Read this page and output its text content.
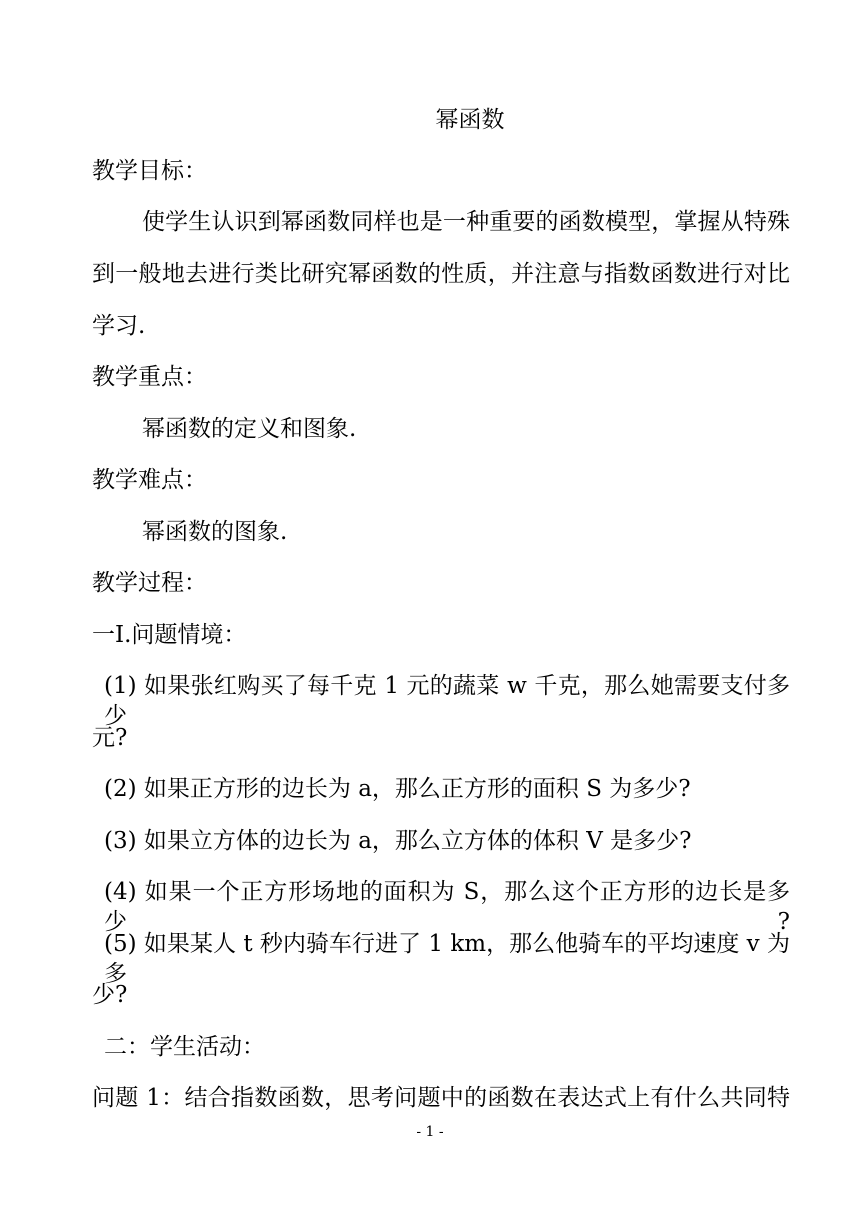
幂函数
教学目标：
使学生认识到幂函数同样也是一种重要的函数模型，掌握从特殊
到一般地去进行类比研究幂函数的性质，并注意与指数函数进行对比
学习.
教学重点：
幂函数的定义和图象.
教学难点：
幂函数的图象.
教学过程：
一Ⅰ.问题情境：
(1) 如果张红购买了每千克 1 元的蔬菜 w 千克，那么她需要支付多少
元?
(2) 如果正方形的边长为 a，那么正方形的面积 S 为多少?
(3) 如果立方体的边长为 a，那么立方体的体积 V 是多少?
(4) 如果一个正方形场地的面积为 S，那么这个正方形的边长是多少?
(5) 如果某人 t 秒内骑车行进了 1 km，那么他骑车的平均速度 v 为多
少?
二：学生活动：
问题 1：结合指数函数，思考问题中的函数在表达式上有什么共同特
- 1 -
